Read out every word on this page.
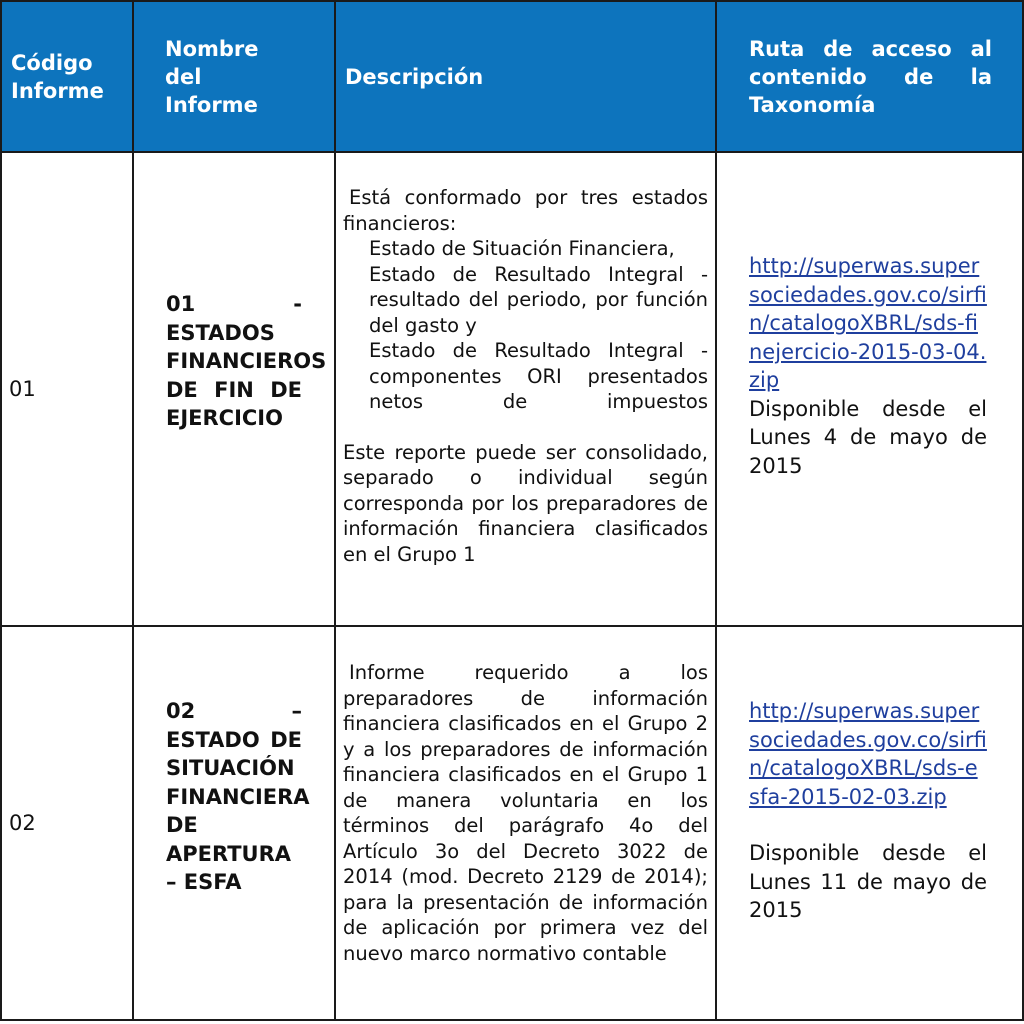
Código Informe
Nombre del Informe
Descripción
Ruta de acceso al contenido de la Taxonomía
01
01 - ESTADOS FINANCIEROS DE FIN DE EJERCICIO
Está conformado por tres estados financieros:
Estado de Situación Financiera,
Estado de Resultado Integral - resultado del periodo, por función del gasto y
Estado de Resultado Integral - componentes ORI presentados netos de impuestos
Este reporte puede ser consolidado, separado o individual según corresponda por los preparadores de información financiera clasificados en el Grupo 1
http://superwas.supersociedades.gov.co/sirfin/catalogoXBRL/sds-finejercicio-2015-03-04.zip
Disponible desde el Lunes 4 de mayo de 2015
02
02 – ESTADO DE SITUACIÓN FINANCIERA DE APERTURA – ESFA
Informe requerido a los preparadores de información financiera clasificados en el Grupo 2 y a los preparadores de información financiera clasificados en el Grupo 1 de manera voluntaria en los términos del parágrafo 4o del Artículo 3o del Decreto 3022 de 2014 (mod. Decreto 2129 de 2014); para la presentación de información de aplicación por primera vez del nuevo marco normativo contable
http://superwas.supersociedades.gov.co/sirfin/catalogoXBRL/sds-esfa-2015-02-03.zip
Disponible desde el Lunes 11 de mayo de 2015
